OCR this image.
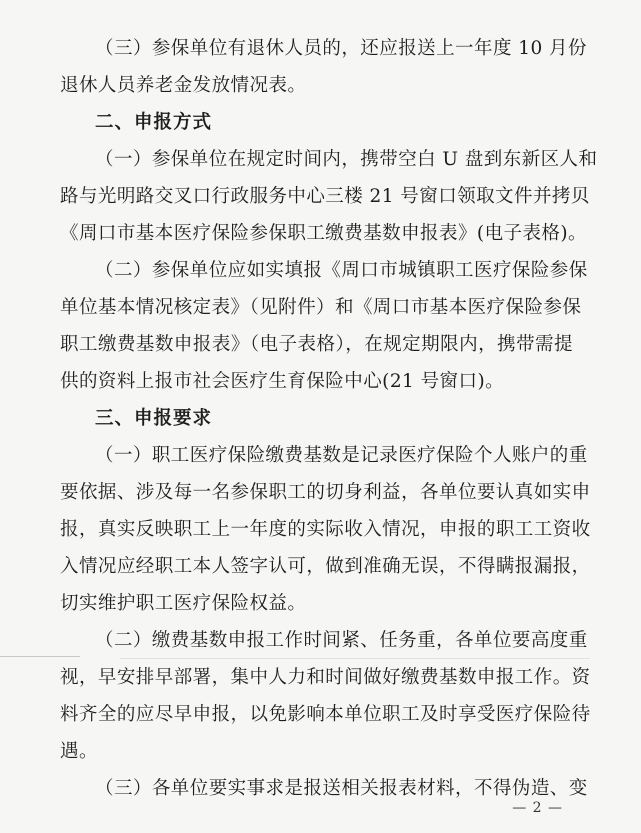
（三）参保单位有退休人员的，还应报送上一年度 10 月份
退休人员养老金发放情况表。
二、申报方式
（一）参保单位在规定时间内，携带空白 U 盘到东新区人和
路与光明路交叉口行政服务中心三楼 21 号窗口领取文件并拷贝
《周口市基本医疗保险参保职工缴费基数申报表》(电子表格)。
（二）参保单位应如实填报《周口市城镇职工医疗保险参保
单位基本情况核定表》（见附件）和《周口市基本医疗保险参保
职工缴费基数申报表》（电子表格），在规定期限内，携带需提
供的资料上报市社会医疗生育保险中心(21 号窗口)。
三、申报要求
（一）职工医疗保险缴费基数是记录医疗保险个人账户的重
要依据、涉及每一名参保职工的切身利益，各单位要认真如实申
报，真实反映职工上一年度的实际收入情况，申报的职工工资收
入情况应经职工本人签字认可，做到准确无误，不得瞒报漏报，
切实维护职工医疗保险权益。
（二）缴费基数申报工作时间紧、任务重，各单位要高度重
视，早安排早部署，集中人力和时间做好缴费基数申报工作。资
料齐全的应尽早申报，以免影响本单位职工及时享受医疗保险待
遇。
（三）各单位要实事求是报送相关报表材料，不得伪造、变
— 2 —
